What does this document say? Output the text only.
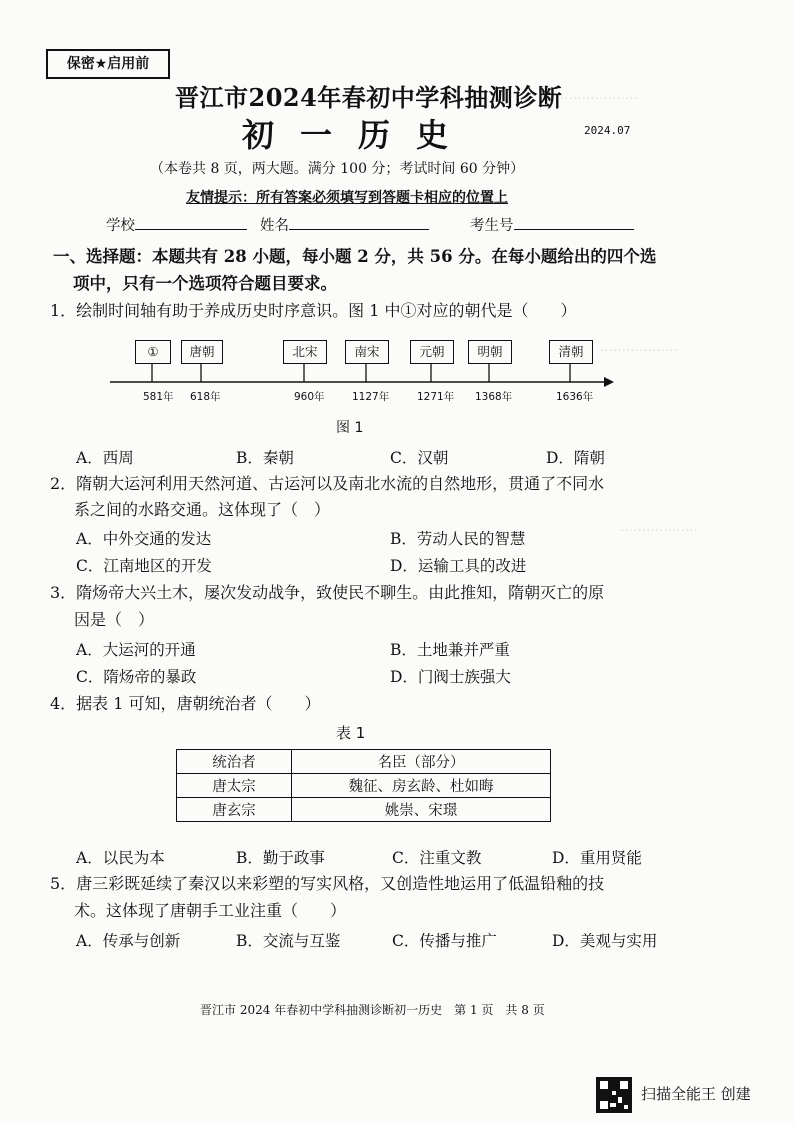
………………
………………
………………
保密★启用前
晋江市2024年春初中学科抽测诊断
初一历史	2024.07
（本卷共 8 页，两大题。满分 100 分；考试时间 60 分钟）
友情提示：所有答案必须填写到答题卡相应的位置上
学校	姓名	考生号
一、选择题：本题共有 28 小题，每小题 2 分，共 56 分。在每小题给出的四个选
项中，只有一个选项符合题目要求。
1．绘制时间轴有助于养成历史时序意识。图 1 中①对应的朝代是（　　）
①	唐朝	北宋	南宋	元朝	明朝	清朝
581年 618年	960年	1127年	1271年 1368年	1636年
图 1
A．西周	B．秦朝	C．汉朝	D．隋朝
2．隋朝大运河利用天然河道、古运河以及南北水流的自然地形，贯通了不同水
系之间的水路交通。这体现了（　）
A．中外交通的发达	B．劳动人民的智慧
C．江南地区的开发	D．运输工具的改进
3．隋炀帝大兴土木，屡次发动战争，致使民不聊生。由此推知，隋朝灭亡的原
因是（　）
A．大运河的开通	B．土地兼并严重
C．隋炀帝的暴政	D．门阀士族强大
4．据表 1 可知，唐朝统治者（　　）
表 1
统治者	名臣（部分）
唐太宗	魏征、房玄龄、杜如晦
唐玄宗	姚崇、宋璟
A．以民为本	B．勤于政事	C．注重文教	D．重用贤能
5．唐三彩既延续了秦汉以来彩塑的写实风格，又创造性地运用了低温铅釉的技
术。这体现了唐朝手工业注重（　　）
A．传承与创新	B．交流与互鉴	C．传播与推广	D．美观与实用
晋江市 2024 年春初中学科抽测诊断初一历史　第 1 页　共 8 页
扫描全能王 创建
